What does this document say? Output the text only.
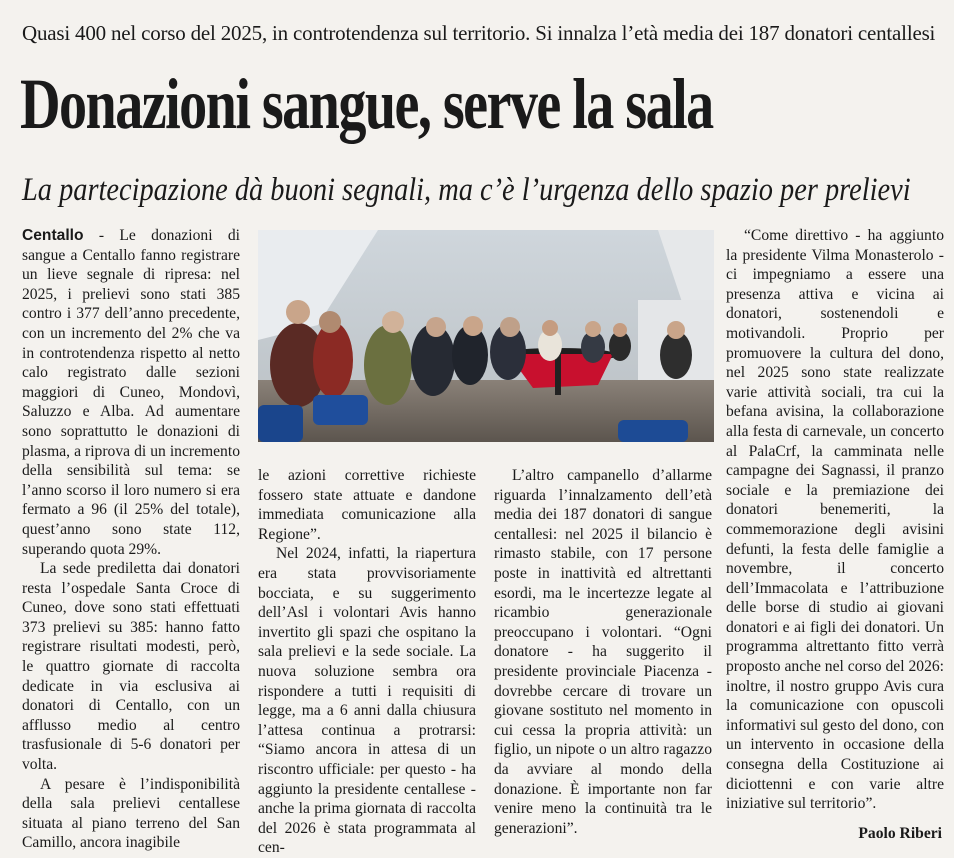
Quasi 400 nel corso del 2025, in controtendenza sul territorio. Si innalza l’età media dei 187 donatori centallesi
Donazioni sangue, serve la sala
La partecipazione dà buoni segnali, ma c’è l’urgenza dello spazio per prelievi

Centallo - Le donazioni di sangue a Centallo fanno registrare un lieve segnale di ripresa: nel 2025, i prelievi sono stati 385 contro i 377 dell’anno precedente, con un incremento del 2% che va in controtendenza rispetto al netto calo registrato dalle sezioni maggiori di Cuneo, Mondovì, Saluzzo e Alba. Ad aumentare sono soprattutto le donazioni di plasma, a riprova di un incremento della sensibilità sul tema: se l’anno scorso il loro numero si era fermato a 96 (il 25% del totale), quest’anno sono state 112, superando quota 29%.

La sede prediletta dai donatori resta l’ospedale Santa Croce di Cuneo, dove sono stati effettuati 373 prelievi su 385: hanno fatto registrare risultati modesti, però, le quattro giornate di raccolta dedicate in via esclusiva ai donatori di Centallo, con un afflusso medio al centro trasfusionale di 5-6 donatori per volta.

A pesare è l’indisponibilità della sala prelievi centallese situata al piano terreno del San Camillo, ancora inagibile

le azioni correttive richieste fossero state attuate e dandone immediata comunicazione alla Regione”.

Nel 2024, infatti, la riapertura era stata provvisoriamente bocciata, e su suggerimento dell’Asl i volontari Avis hanno invertito gli spazi che ospitano la sala prelievi e la sede sociale. La nuova soluzione sembra ora rispondere a tutti i requisiti di legge, ma a 6 anni dalla chiusura l’attesa continua a protrarsi: “Siamo ancora in attesa di un riscontro ufficiale: per questo - ha aggiunto la presidente centallese - anche la prima giornata di raccolta del 2026 è stata programmata al cen-

L’altro campanello d’allarme riguarda l’innalzamento dell’età media dei 187 donatori di sangue centallesi: nel 2025 il bilancio è rimasto stabile, con 17 persone poste in inattività ed altrettanti esordi, ma le incertezze legate al ricambio generazionale preoccupano i volontari. “Ogni donatore - ha suggerito il presidente provinciale Piacenza - dovrebbe cercare di trovare un giovane sostituto nel momento in cui cessa la propria attività: un figlio, un nipote o un altro ragazzo da avviare al mondo della donazione. È importante non far venire meno la continuità tra le generazioni”.

“Come direttivo - ha aggiunto la presidente Vilma Monasterolo - ci impegniamo a essere una presenza attiva e vicina ai donatori, sostenendoli e motivandoli. Proprio per promuovere la cultura del dono, nel 2025 sono state realizzate varie attività sociali, tra cui la befana avisina, la collaborazione alla festa di carnevale, un concerto al PalaCrf, la camminata nelle campagne dei Sagnassi, il pranzo sociale e la premiazione dei donatori benemeriti, la commemorazione degli avisini defunti, la festa delle famiglie a novembre, il concerto dell’Immacolata e l’attribuzione delle borse di studio ai giovani donatori e ai figli dei donatori. Un programma altrettanto fitto verrà proposto anche nel corso del 2026: inoltre, il nostro gruppo Avis cura la comunicazione con opuscoli informativi sul gesto del dono, con un intervento in occasione della consegna della Costituzione ai diciottenni e con varie altre iniziative sul territorio”.

Paolo Riberi
